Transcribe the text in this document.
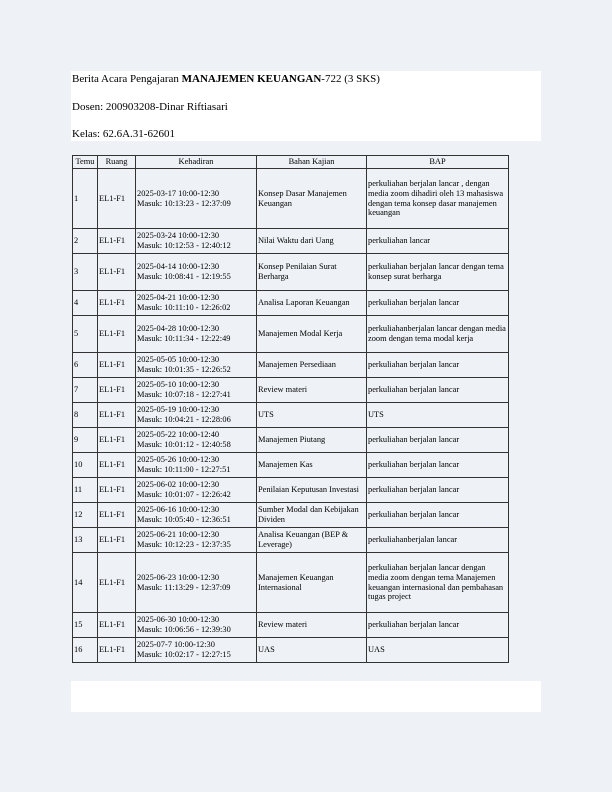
Berita Acara Pengajaran MANAJEMEN KEUANGAN-722 (3 SKS)
Dosen: 200903208-Dinar Riftiasari
Kelas: 62.6A.31-62601
Temu	Ruang	Kehadiran	Bahan Kajian	BAP
1	EL1-F1	2025-03-17 10:00-12:30
Masuk: 10:13:23 - 12:37:09	Konsep Dasar Manajemen Keuangan	perkuliahan berjalan lancar , dengan media zoom dihadiri oleh 13 mahasiswa dengan tema konsep dasar manajemen keuangan
2	EL1-F1	2025-03-24 10:00-12:30
Masuk: 10:12:53 - 12:40:12	Nilai Waktu dari Uang	perkuliahan lancar
3	EL1-F1	2025-04-14 10:00-12:30
Masuk: 10:08:41 - 12:19:55	Konsep Penilaian Surat Berharga	perkuliahan berjalan lancar dengan tema konsep surat berharga
4	EL1-F1	2025-04-21 10:00-12:30
Masuk: 10:11:10 - 12:26:02	Analisa Laporan Keuangan	perkuliahan berjalan lancar
5	EL1-F1	2025-04-28 10:00-12:30
Masuk: 10:11:34 - 12:22:49	Manajemen Modal Kerja	perkuliahanberjalan lancar dengan media zoom dengan tema modal kerja
6	EL1-F1	2025-05-05 10:00-12:30
Masuk: 10:01:35 - 12:26:52	Manajemen Persediaan	perkuliahan berjalan lancar
7	EL1-F1	2025-05-10 10:00-12:30
Masuk: 10:07:18 - 12:27:41	Review materi	perkuliahan berjalan lancar
8	EL1-F1	2025-05-19 10:00-12:30
Masuk: 10:04:21 - 12:28:06	UTS	UTS
9	EL1-F1	2025-05-22 10:00-12:40
Masuk: 10:01:12 - 12:40:58	Manajemen Piutang	perkuliahan berjalan lancar
10	EL1-F1	2025-05-26 10:00-12:30
Masuk: 10:11:00 - 12:27:51	Manajemen Kas	perkuliahan berjalan lancar
11	EL1-F1	2025-06-02 10:00-12:30
Masuk: 10:01:07 - 12:26:42	Penilaian Keputusan Investasi	perkuliahan berjalan lancar
12	EL1-F1	2025-06-16 10:00-12:30
Masuk: 10:05:40 - 12:36:51	Sumber Modal dan Kebijakan Dividen	perkuliahan berjalan lancar
13	EL1-F1	2025-06-21 10:00-12:30
Masuk: 10:12:23 - 12:37:35	Analisa Keuangan (BEP & Leverage)	perkuliahanberjalan lancar
14	EL1-F1	2025-06-23 10:00-12:30
Masuk: 11:13:29 - 12:37:09	Manajemen Keuangan Internasional	perkuliahan berjalan lancar dengan media zoom dengan tema Manajemen keuangan internasional dan pembahasan tugas project
15	EL1-F1	2025-06-30 10:00-12:30
Masuk: 10:06:56 - 12:39:30	Review materi	perkuliahan berjalan lancar
16	EL1-F1	2025-07-7 10:00-12:30
Masuk: 10:02:17 - 12:27:15	UAS	UAS
